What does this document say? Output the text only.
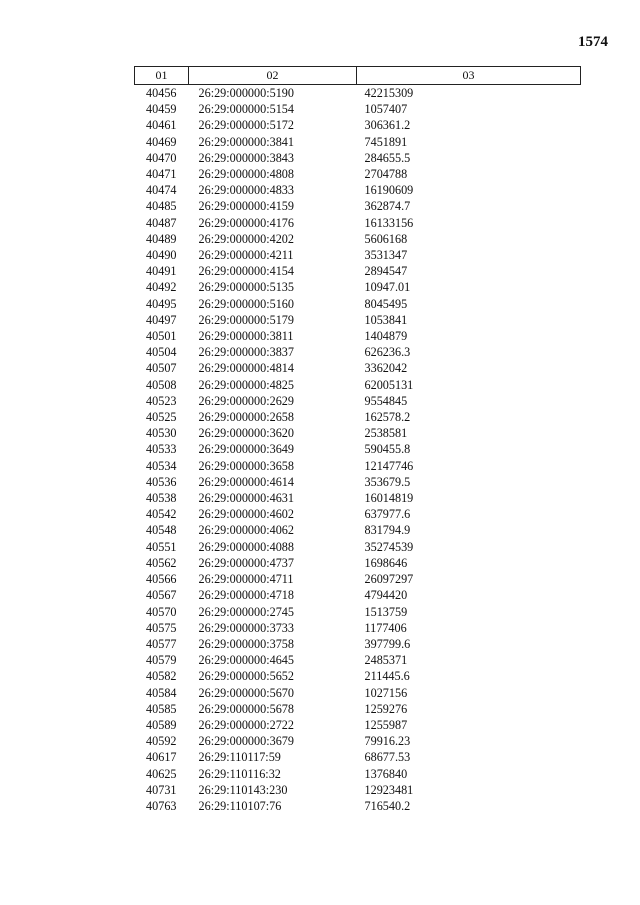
1574
01	02	03
40456	26:29:000000:5190	42215309
40459	26:29:000000:5154	1057407
40461	26:29:000000:5172	306361.2
40469	26:29:000000:3841	7451891
40470	26:29:000000:3843	284655.5
40471	26:29:000000:4808	2704788
40474	26:29:000000:4833	16190609
40485	26:29:000000:4159	362874.7
40487	26:29:000000:4176	16133156
40489	26:29:000000:4202	5606168
40490	26:29:000000:4211	3531347
40491	26:29:000000:4154	2894547
40492	26:29:000000:5135	10947.01
40495	26:29:000000:5160	8045495
40497	26:29:000000:5179	1053841
40501	26:29:000000:3811	1404879
40504	26:29:000000:3837	626236.3
40507	26:29:000000:4814	3362042
40508	26:29:000000:4825	62005131
40523	26:29:000000:2629	9554845
40525	26:29:000000:2658	162578.2
40530	26:29:000000:3620	2538581
40533	26:29:000000:3649	590455.8
40534	26:29:000000:3658	12147746
40536	26:29:000000:4614	353679.5
40538	26:29:000000:4631	16014819
40542	26:29:000000:4602	637977.6
40548	26:29:000000:4062	831794.9
40551	26:29:000000:4088	35274539
40562	26:29:000000:4737	1698646
40566	26:29:000000:4711	26097297
40567	26:29:000000:4718	4794420
40570	26:29:000000:2745	1513759
40575	26:29:000000:3733	1177406
40577	26:29:000000:3758	397799.6
40579	26:29:000000:4645	2485371
40582	26:29:000000:5652	211445.6
40584	26:29:000000:5670	1027156
40585	26:29:000000:5678	1259276
40589	26:29:000000:2722	1255987
40592	26:29:000000:3679	79916.23
40617	26:29:110117:59	68677.53
40625	26:29:110116:32	1376840
40731	26:29:110143:230	12923481
40763	26:29:110107:76	716540.2
